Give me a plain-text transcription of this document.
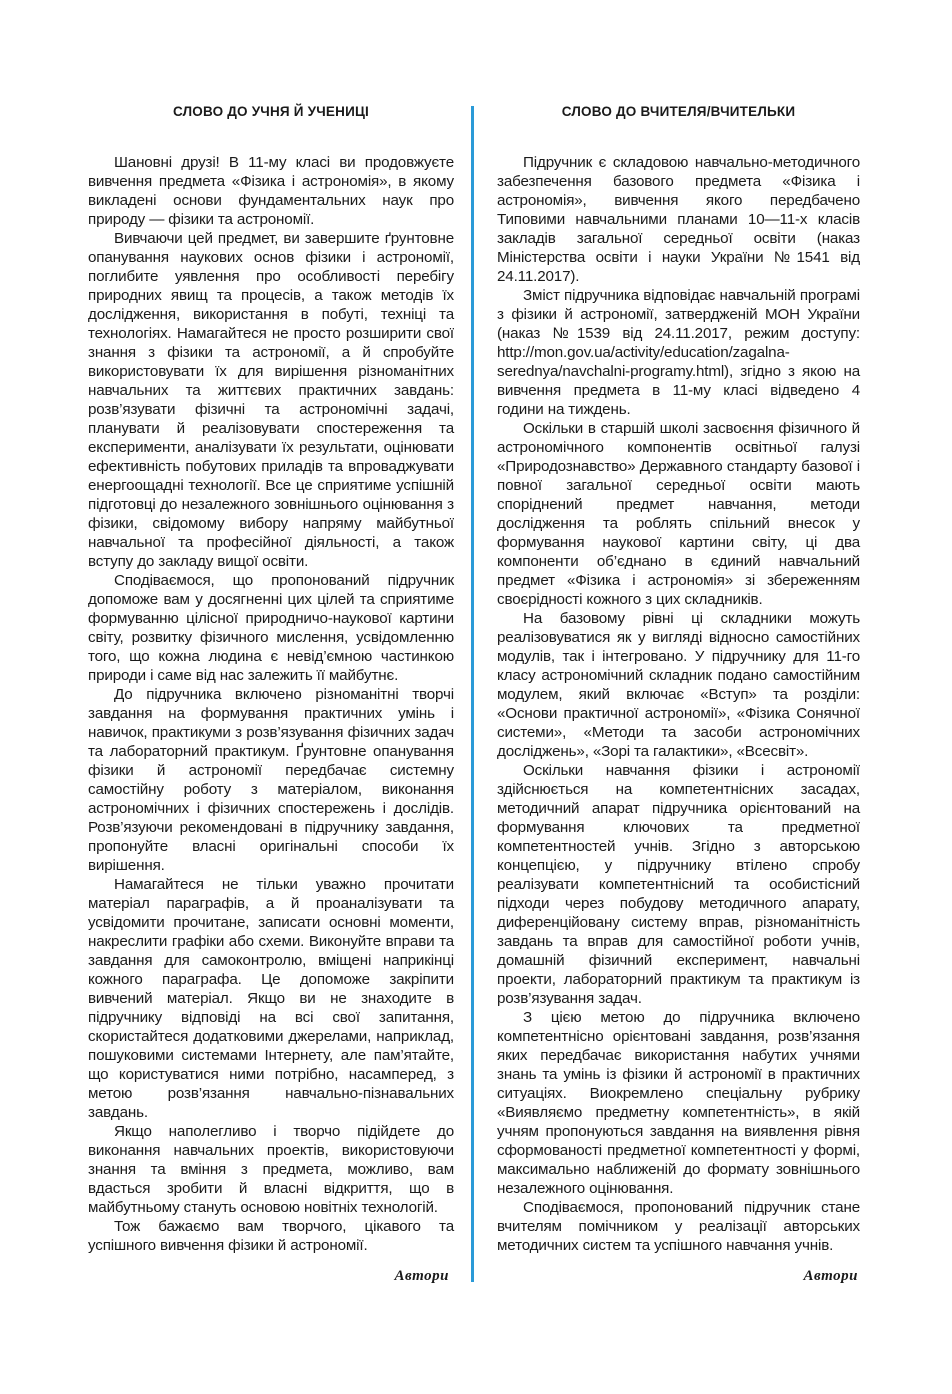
СЛОВО ДО УЧНЯ Й УЧЕНИЦІ

Шановні друзі! В 11-му класі ви продовжуєте вивчення предмета «Фізика і астрономія», в якому викладені основи фундаментальних наук про природу — фізики та астрономії.

Вивчаючи цей предмет, ви завершите ґрунтовне опанування наукових основ фізики і астрономії, поглибите уявлення про особливості перебігу природних явищ та процесів, а також методів їх дослідження, використання в побуті, техніці та технологіях. Намагайтеся не просто розширити свої знання з фізики та астрономії, а й спробуйте використовувати їх для вирішення різноманітних навчальних та життєвих практичних завдань: розв’язувати фізичні та астрономічні задачі, планувати й реалізовувати спостереження та експерименти, аналізувати їх результати, оцінювати ефективність побутових приладів та впроваджувати енергоощадні технології. Все це сприятиме успішній підготовці до незалежного зовнішнього оцінювання з фізики, свідомому вибору напряму майбутньої навчальної та професійної діяльності, а також вступу до закладу вищої освіти.

Сподіваємося, що пропонований підручник допоможе вам у досягненні цих цілей та сприятиме формуванню цілісної природничо-наукової картини світу, розвитку фізичного мислення, усвідомленню того, що кожна людина є невід’ємною частинкою природи і саме від нас залежить її майбутнє.

До підручника включено різноманітні творчі завдання на формування практичних умінь і навичок, практикуми з розв’язування фізичних задач та лабораторний практикум. Ґрунтовне опанування фізики й астрономії передбачає системну самостійну роботу з матеріалом, виконання астрономічних і фізичних спостережень і дослідів. Розв’язуючи рекомендовані в підручнику завдання, пропонуйте власні оригінальні способи їх вирішення.

Намагайтеся не тільки уважно прочитати матеріал параграфів, а й проаналізувати та усвідомити прочитане, записати основні моменти, накреслити графіки або схеми. Виконуйте вправи та завдання для самоконтролю, вміщені наприкінці кожного параграфа. Це допоможе закріпити вивчений матеріал. Якщо ви не знаходите в підручнику відповіді на всі свої запитання, скористайтеся додатковими джерелами, наприклад, пошуковими системами Інтернету, але пам’ятайте, що користуватися ними потрібно, насамперед, з метою розв’язання навчально-пізнавальних завдань.

Якщо наполегливо і творчо підійдете до виконання навчальних проектів, використовуючи знання та вміння з предмета, можливо, вам вдасться зробити й власні відкриття, що в майбутньому стануть основою новітніх технологій.

Тож бажаємо вам творчого, цікавого та успішного вивчення фізики й астрономії.

СЛОВО ДО ВЧИТЕЛЯ/ВЧИТЕЛЬКИ

Підручник є складовою навчально-методичного забезпечення базового предмета «Фізика і астрономія», вивчення якого передбачено Типовими навчальними планами 10—11-х класів закладів загальної середньої освіти (наказ Міністерства освіти і науки України №1541 від 24.11.2017).

Зміст підручника відповідає навчальній програмі з фізики й астрономії, затвердженій МОН України (наказ №1539 від 24.11.2017, режим доступу: http://mon.gov.ua/activity/education/zagalna-serednya/navchalni-programy.html), згідно з якою на вивчення предмета в 11-му класі відведено 4 години на тиждень.

Оскільки в старшій школі засвоєння фізичного й астрономічного компонентів освітньої галузі «Природознавство» Державного стандарту базової і повної загальної середньої освіти мають споріднений предмет навчання, методи дослідження та роблять спільний внесок у формування наукової картини світу, ці два компоненти об’єднано в єдиний навчальний предмет «Фізика і астрономія» зі збереженням своєрідності кожного з цих складників.

На базовому рівні ці складники можуть реалізовуватися як у вигляді відносно самостійних модулів, так і інтегровано. У підручнику для 11-го класу астрономічний складник подано самостійним модулем, який включає «Вступ» та розділи: «Основи практичної астрономії», «Фізика Сонячної системи», «Методи та засоби астрономічних досліджень», «Зорі та галактики», «Всесвіт».

Оскільки навчання фізики і астрономії здійснюється на компетентнісних засадах, методичний апарат підручника орієнтований на формування ключових та предметної компетентностей учнів. Згідно з авторською концепцією, у підручнику втілено спробу реалізувати компетентнісний та особистісний підходи через побудову методичного апарату, диференційовану систему вправ, різноманітність завдань та вправ для самостійної роботи учнів, домашній фізичний експеримент, навчальні проекти, лабораторний практикум та практикум із розв’язування задач.

З цією метою до підручника включено компетентнісно орієнтовані завдання, розв’язання яких передбачає використання набутих учнями знань та умінь із фізики й астрономії в практичних ситуаціях. Виокремлено спеціальну рубрику «Виявляємо предметну компетентність», в якій учням пропонуються завдання на виявлення рівня сформованості предметної компетентності у формі, максимально наближеній до формату зовнішнього незалежного оцінювання.

Сподіваємося, пропонований підручник стане вчителям помічником у реалізації авторських методичних систем та успішного навчання учнів.

Автори	Автори
